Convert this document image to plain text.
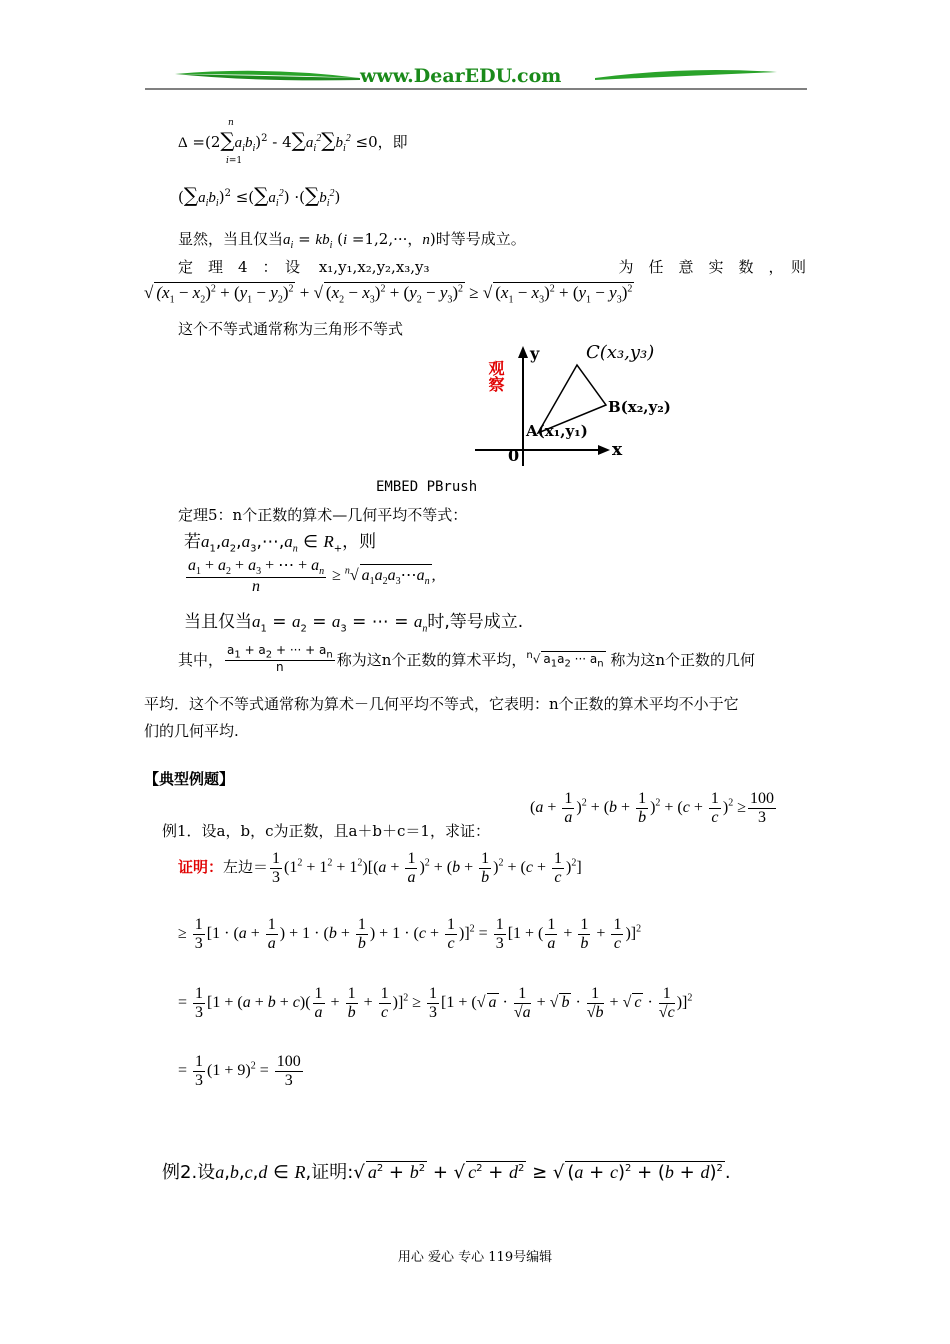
www.DearEDU.com
$\Delta =(2\sum a_ib_i)^2 - 4\sum a_i^2\sum b_i^2 \le 0$，即
n
i=1
$(\sum a_ib_i)^2 \le(\sum a_i^2) \cdot(\sum b_i^2)$
显然，当且仅当$a_i = kb_i$ (i =1,2,···，n)时等号成立。
定　理　4　：　设 x₁,y₁,x₂,y₂,x₃,y₃	为　任　意　实　数　，　则
√ $(x_1 - x_2)^2 + (y_1 - y_2)^2$ + √ $(x_2 - x_3)^2 + (y_2 - y_3)^2$ ≥ √ $(x_1 - x_3)^2 + (y_1 - y_3)^2$
这个不等式通常称为三角形不等式
观察
y
x
0
A(x₁,y₁)
B(x₂,y₂)
C(x₃,y₃)
EMBED PBrush
定理5：n个正数的算术—几何平均不等式：
若$a_1,a_2,a_3,\cdots,a_n$ ∈ $R_+$，则
$\frac{a_1 + a_2 + a_3 + \cdots + a_n}{n} \ge ^n√$ $a_1a_2a_3\cdots a_n$ ,
当且仅当$a_1 = a_2 = a_3$ = ⋯ = $a_n$时,等号成立.
其中， $\frac{a_1 + a_2 + \cdot\cdot\cdot + a_n}{n}$ 称为这n个正数的算术平均，$^n$√ $a_1a_2$ ··· $a_n$ 称为这n个正数的几何
平均．这个不等式通常称为算术－几何平均不等式，它表明：n个正数的算术平均不小于它
们的几何平均.
【典型例题】
$(a + \frac{1}{a} )^2 + (b + \frac{1}{b} )^2 + (c + \frac{1}{c} )^2 \ge \frac{100}{3}$
例1．设a，b，c为正数，且a＋b＋c＝1，求证：
证明：左边＝ $\frac{1}{3} (1^2 + 1^2 + 1^2)[(a + \frac{1}{a} )^2 + (b + \frac{1}{b} )^2 + (c + \frac{1}{c} )^2]$
≥ $\frac{1}{3} [1 \cdot (a + \frac{1}{a}$ ) + $1 \cdot (b + \frac{1}{b}$ ) + $1 \cdot (c + \frac{1}{c} )]^2 = \frac{1}{3} [1$ + ( $\frac{1}{a} + \frac{1}{b} + \frac{1}{c} )]^2$
= $\frac{1}{3} [1 + (a + b + c)( \frac{1}{a} + \frac{1}{b} + \frac{1}{c} )]^2 \ge \frac{1}{3} [1$ + (√ $a \cdot \frac{1}{√a}$ + √ $b \cdot \frac{1}{√b}$ + √ $c \cdot \frac{1}{√c} )]^2$
= $\frac{1}{3} (1 + 9)^2 = \frac{100}{3}$
例2.设a,b,c,d ∈ R,证明:√ $a^2 + b^2$ + √ $c^2 + d^2$ ≥ √ $(a + c)^2 + (b + d)^2$ .
用心 爱心 专心 119号编辑
